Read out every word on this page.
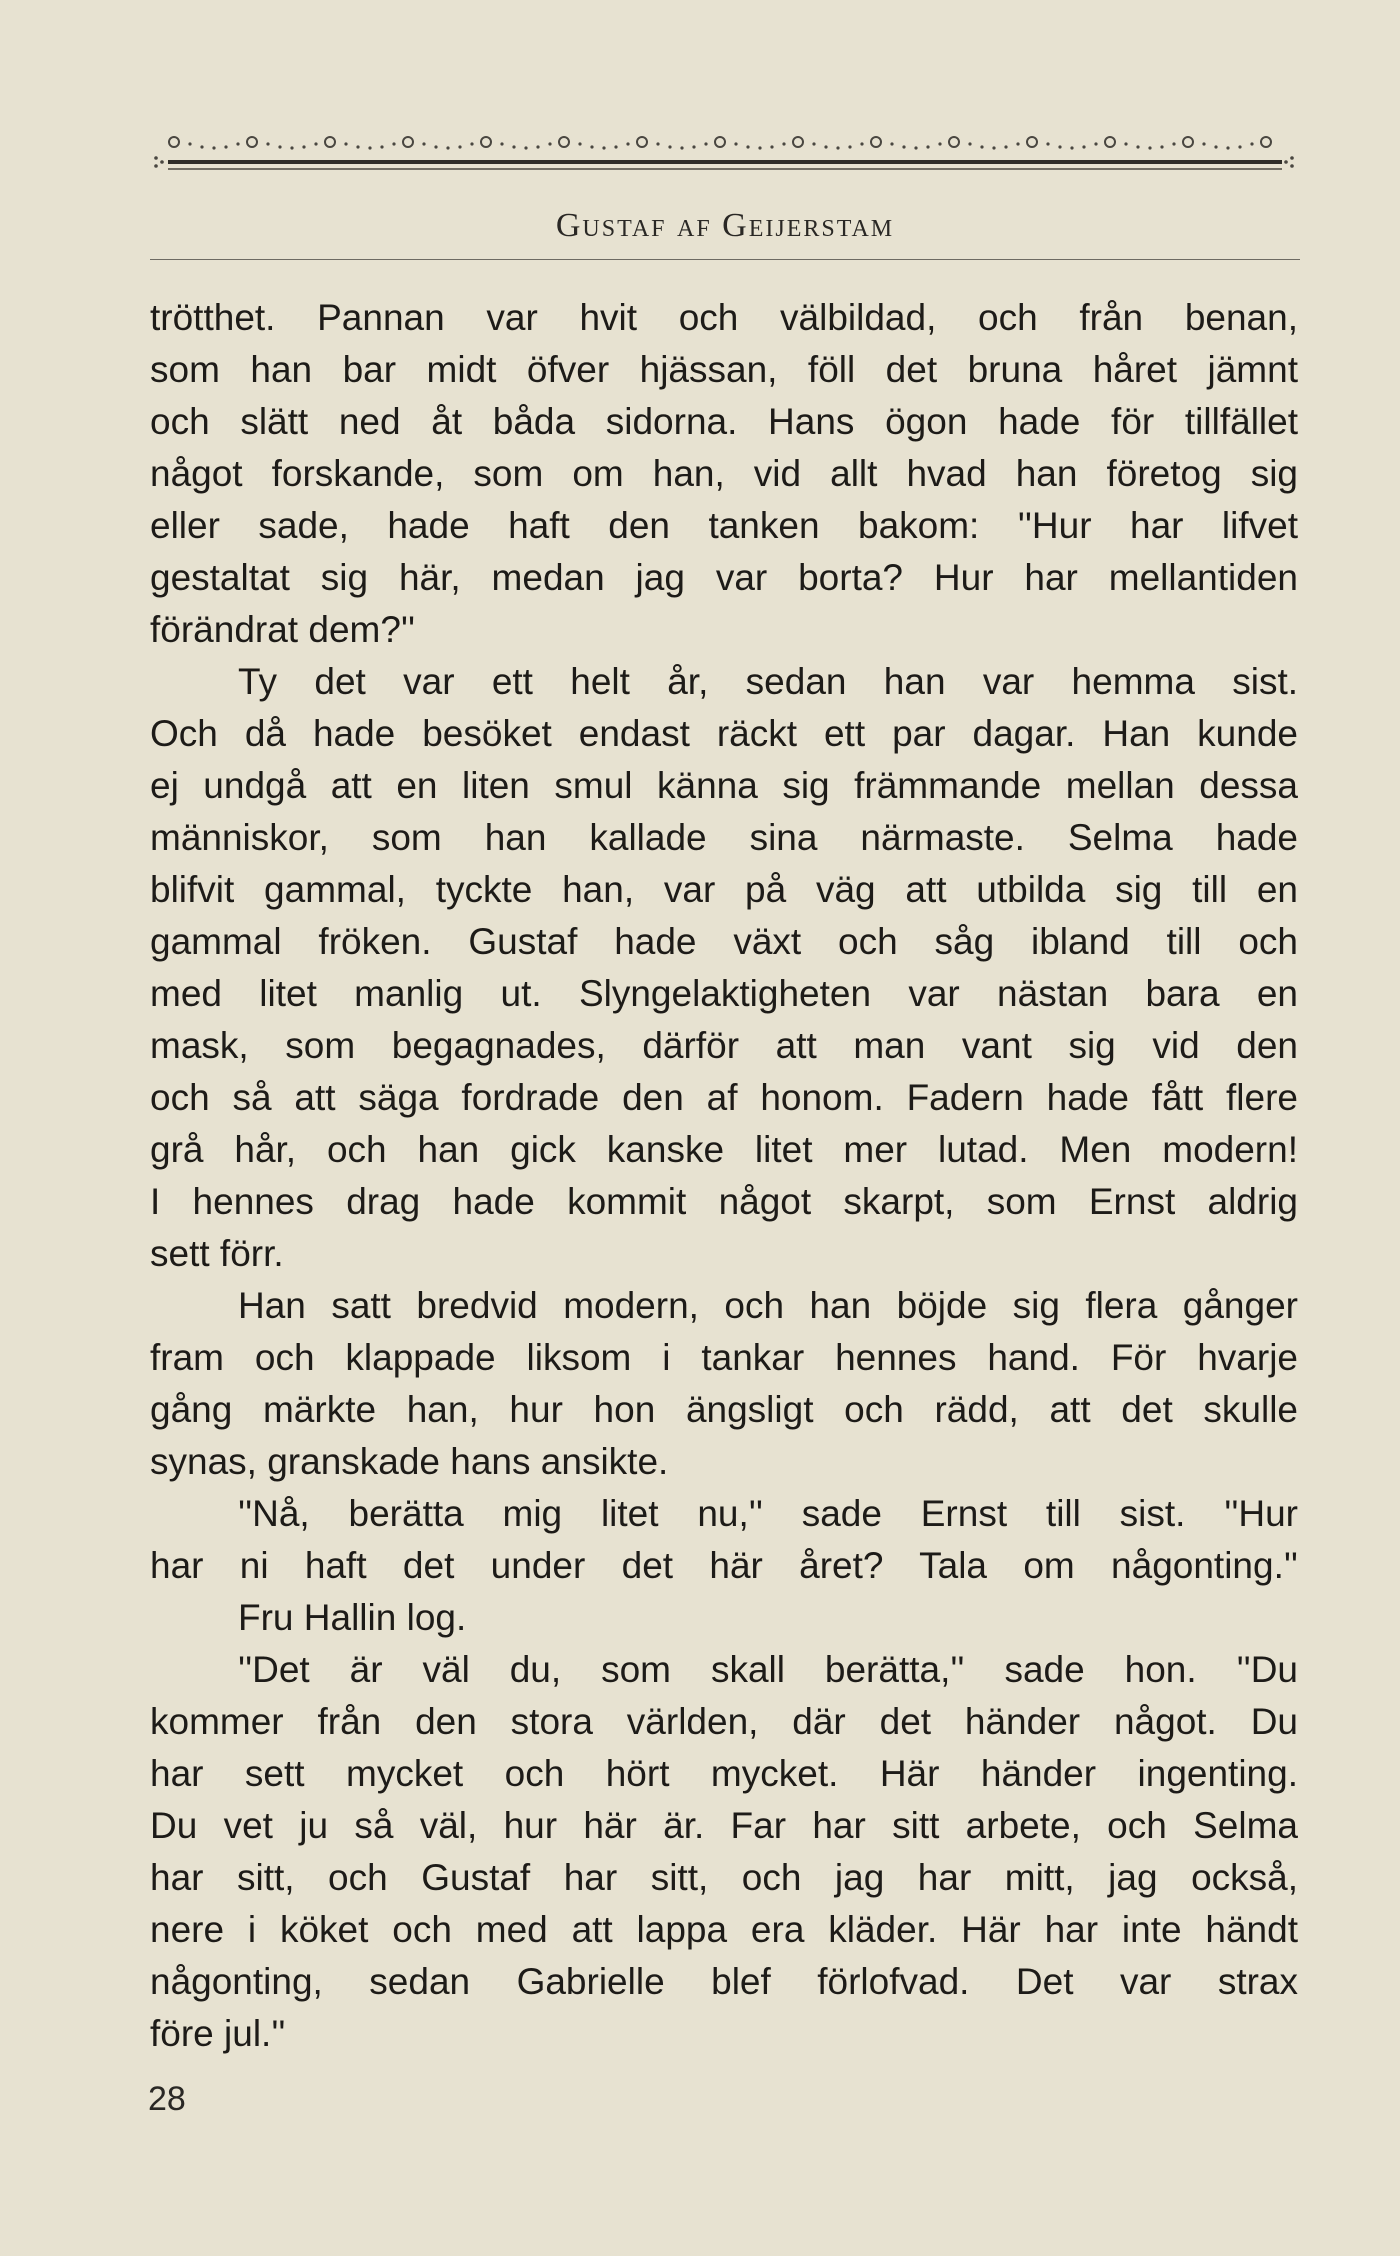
Gustaf af Geijerstam
trötthet. Pannan var hvit och välbildad, och från benan,
som han bar midt öfver hjässan, föll det bruna håret jämnt
och slätt ned åt båda sidorna. Hans ögon hade för tillfället
något forskande, som om han, vid allt hvad han företog sig
eller sade, hade haft den tanken bakom: ''Hur har lifvet
gestaltat sig här, medan jag var borta? Hur har mellantiden
förändrat dem?''
Ty det var ett helt år, sedan han var hemma sist.
Och då hade besöket endast räckt ett par dagar. Han kunde
ej undgå att en liten smul känna sig främmande mellan dessa
människor, som han kallade sina närmaste. Selma hade
blifvit gammal, tyckte han, var på väg att utbilda sig till en
gammal fröken. Gustaf hade växt och såg ibland till och
med litet manlig ut. Slyngelaktigheten var nästan bara en
mask, som begagnades, därför att man vant sig vid den
och så att säga fordrade den af honom. Fadern hade fått flere
grå hår, och han gick kanske litet mer lutad. Men modern!
I hennes drag hade kommit något skarpt, som Ernst aldrig
sett förr.
Han satt bredvid modern, och han böjde sig flera gånger
fram och klappade liksom i tankar hennes hand. För hvarje
gång märkte han, hur hon ängsligt och rädd, att det skulle
synas, granskade hans ansikte.
''Nå, berätta mig litet nu,'' sade Ernst till sist. ''Hur
har ni haft det under det här året? Tala om någonting.''
Fru Hallin log.
''Det är väl du, som skall berätta,'' sade hon. ''Du
kommer från den stora världen, där det händer något. Du
har sett mycket och hört mycket. Här händer ingenting.
Du vet ju så väl, hur här är. Far har sitt arbete, och Selma
har sitt, och Gustaf har sitt, och jag har mitt, jag också,
nere i köket och med att lappa era kläder. Här har inte händt
någonting, sedan Gabrielle blef förlofvad. Det var strax
före jul.''
28
